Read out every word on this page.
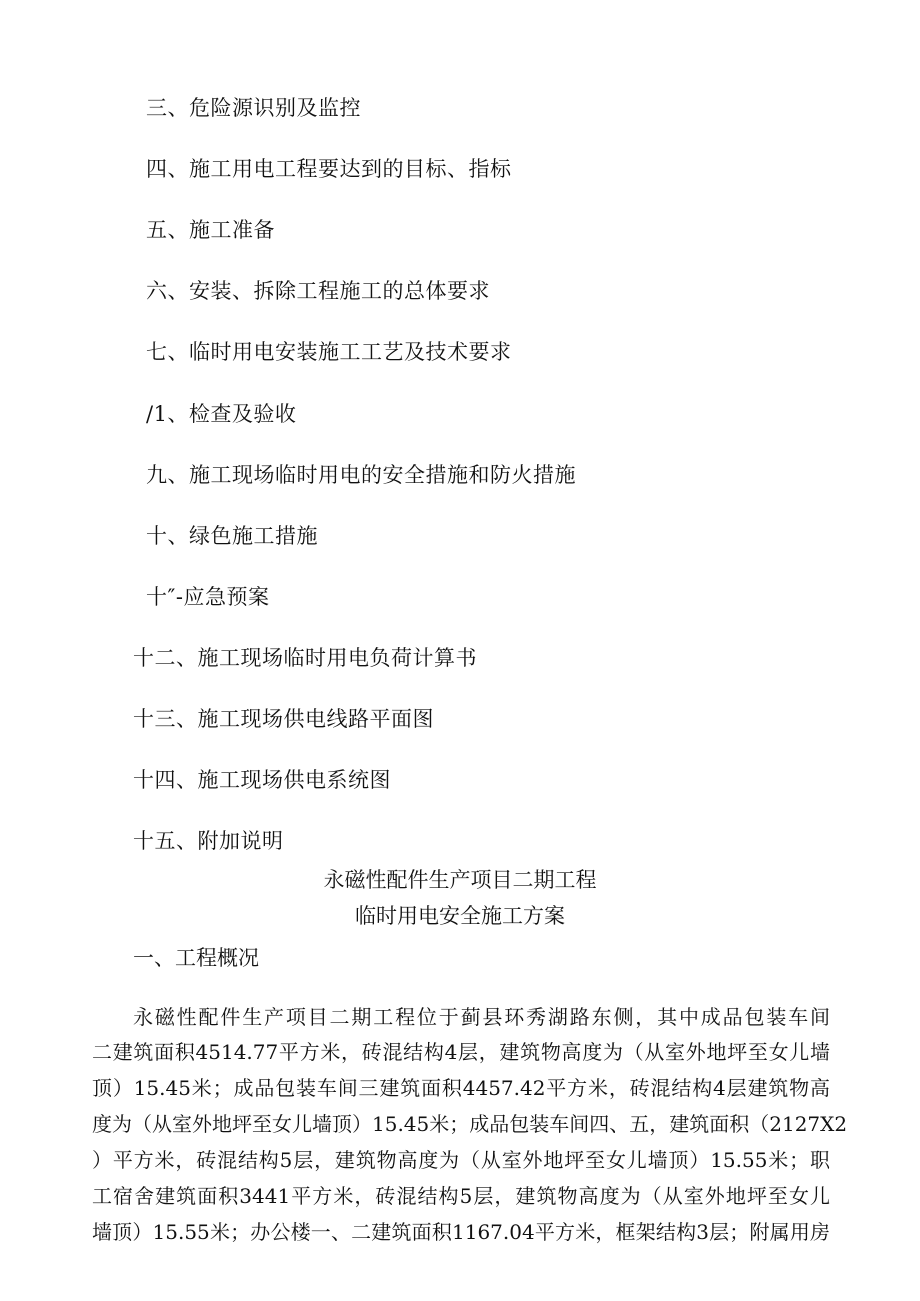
三、危险源识别及监控
四、施工用电工程要达到的目标、指标
五、施工准备
六、安装、拆除工程施工的总体要求
七、临时用电安装施工工艺及技术要求
/1、检查及验收
九、施工现场临时用电的安全措施和防火措施
十、绿色施工措施
十″-应急预案
十二、施工现场临时用电负荷计算书
十三、施工现场供电线路平面图
十四、施工现场供电系统图
十五、附加说明
永磁性配件生产项目二期工程
临时用电安全施工方案
一、工程概况
永磁性配件生产项目二期工程位于蓟县环秀湖路东侧，其中成品包装车间
二建筑面积4514.77平方米，砖混结构4层，建筑物高度为（从室外地坪至女儿墙
顶）15.45米；成品包装车间三建筑面积4457.42平方米，砖混结构4层建筑物高
度为（从室外地坪至女儿墙顶）15.45米；成品包装车间四、五，建筑面积（2127X2
）平方米，砖混结构5层，建筑物高度为（从室外地坪至女儿墙顶）15.55米；职
工宿舍建筑面积3441平方米，砖混结构5层，建筑物高度为（从室外地坪至女儿
墙顶）15.55米；办公楼一、二建筑面积1167.04平方米，框架结构3层；附属用房
